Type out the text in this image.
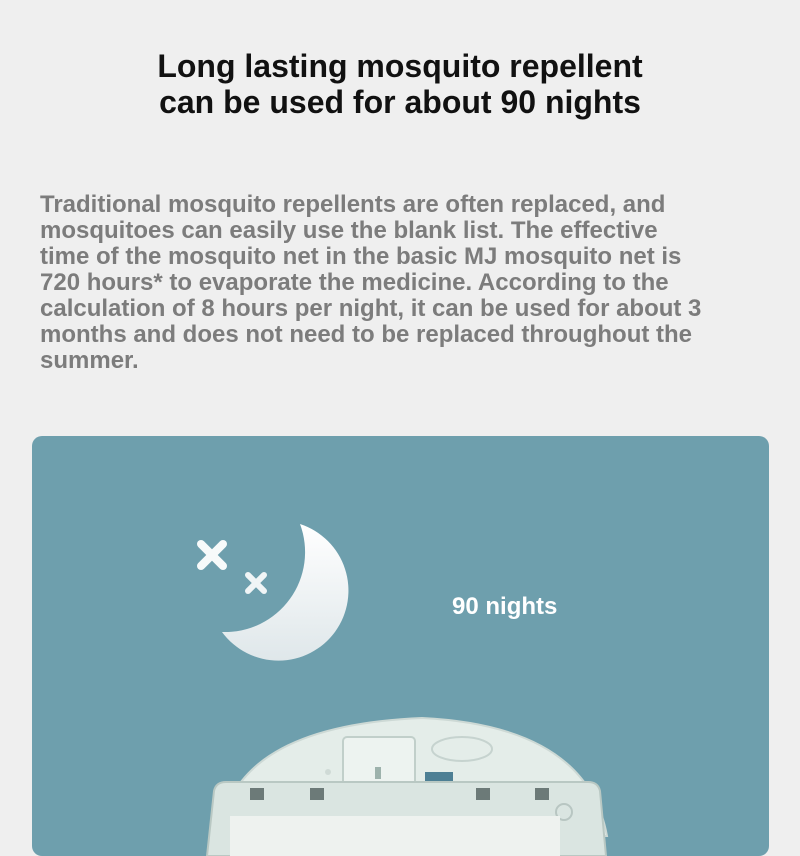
Long lasting mosquito repellent
can be used for about 90 nights
Traditional mosquito repellents are often replaced, and
mosquitoes can easily use the blank list. The effective
time of the mosquito net in the basic MJ mosquito net is
720 hours* to evaporate the medicine. According to the
calculation of 8 hours per night, it can be used for about 3
months and does not need to be replaced throughout the
summer.
90 nights
